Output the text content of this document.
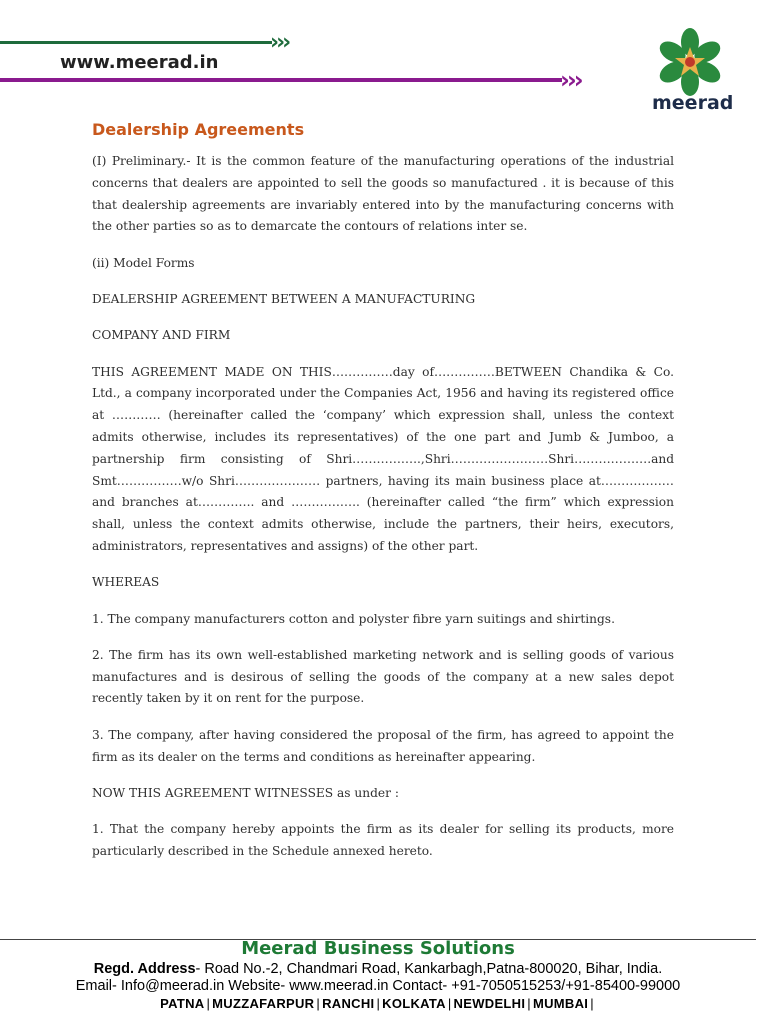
›››
›››
www.meerad.in
meerad
Dealership Agreements

(I) Preliminary.- It is the common feature of the manufacturing operations of the industrial concerns that dealers are appointed to sell the goods so manufactured . it is because of this that dealership agreements are invariably entered into by the manufacturing concerns with the other parties so as to demarcate the contours of relations inter se.

(ii) Model Forms

DEALERSHIP AGREEMENT BETWEEN A MANUFACTURING

COMPANY AND FIRM

THIS AGREEMENT MADE ON THIS……………day of……………BETWEEN Chandika & Co. Ltd., a company incorporated under the Companies Act, 1956 and having its registered office at ………… (hereinafter called the ‘company’ which expression shall, unless the context admits otherwise, includes its representatives) of the one part and Jumb & Jumboo, a partnership firm consisting of Shri……………..,Shri……………………Shri……………….and Smt…………….w/o Shri………………… partners, having its main business place at………………and branches at………….. and …………….. (hereinafter called “the firm” which expression shall, unless the context admits otherwise, include the partners, their heirs, executors, administrators, representatives and assigns) of the other part.

WHEREAS

1. The company manufacturers cotton and polyster fibre yarn suitings and shirtings.

2. The firm has its own well-established marketing network and is selling goods of various manufactures and is desirous of selling the goods of the company at a new sales depot recently taken by it on rent for the purpose.

3. The company, after having considered the proposal of the firm, has agreed to appoint the firm as its dealer on the terms and conditions as hereinafter appearing.

NOW THIS AGREEMENT WITNESSES as under :

1. That the company hereby appoints the firm as its dealer for selling its products, more particularly described in the Schedule annexed hereto.

Meerad Business Solutions
Regd. Address- Road No.-2, Chandmari Road, Kankarbagh,Patna-800020, Bihar, India.
Email- Info@meerad.in Website- www.meerad.in Contact- +91-7050515253/+91-85400-99000
PATNA | MUZZAFARPUR | RANCHI | KOLKATA | NEWDELHI | MUMBAI |
